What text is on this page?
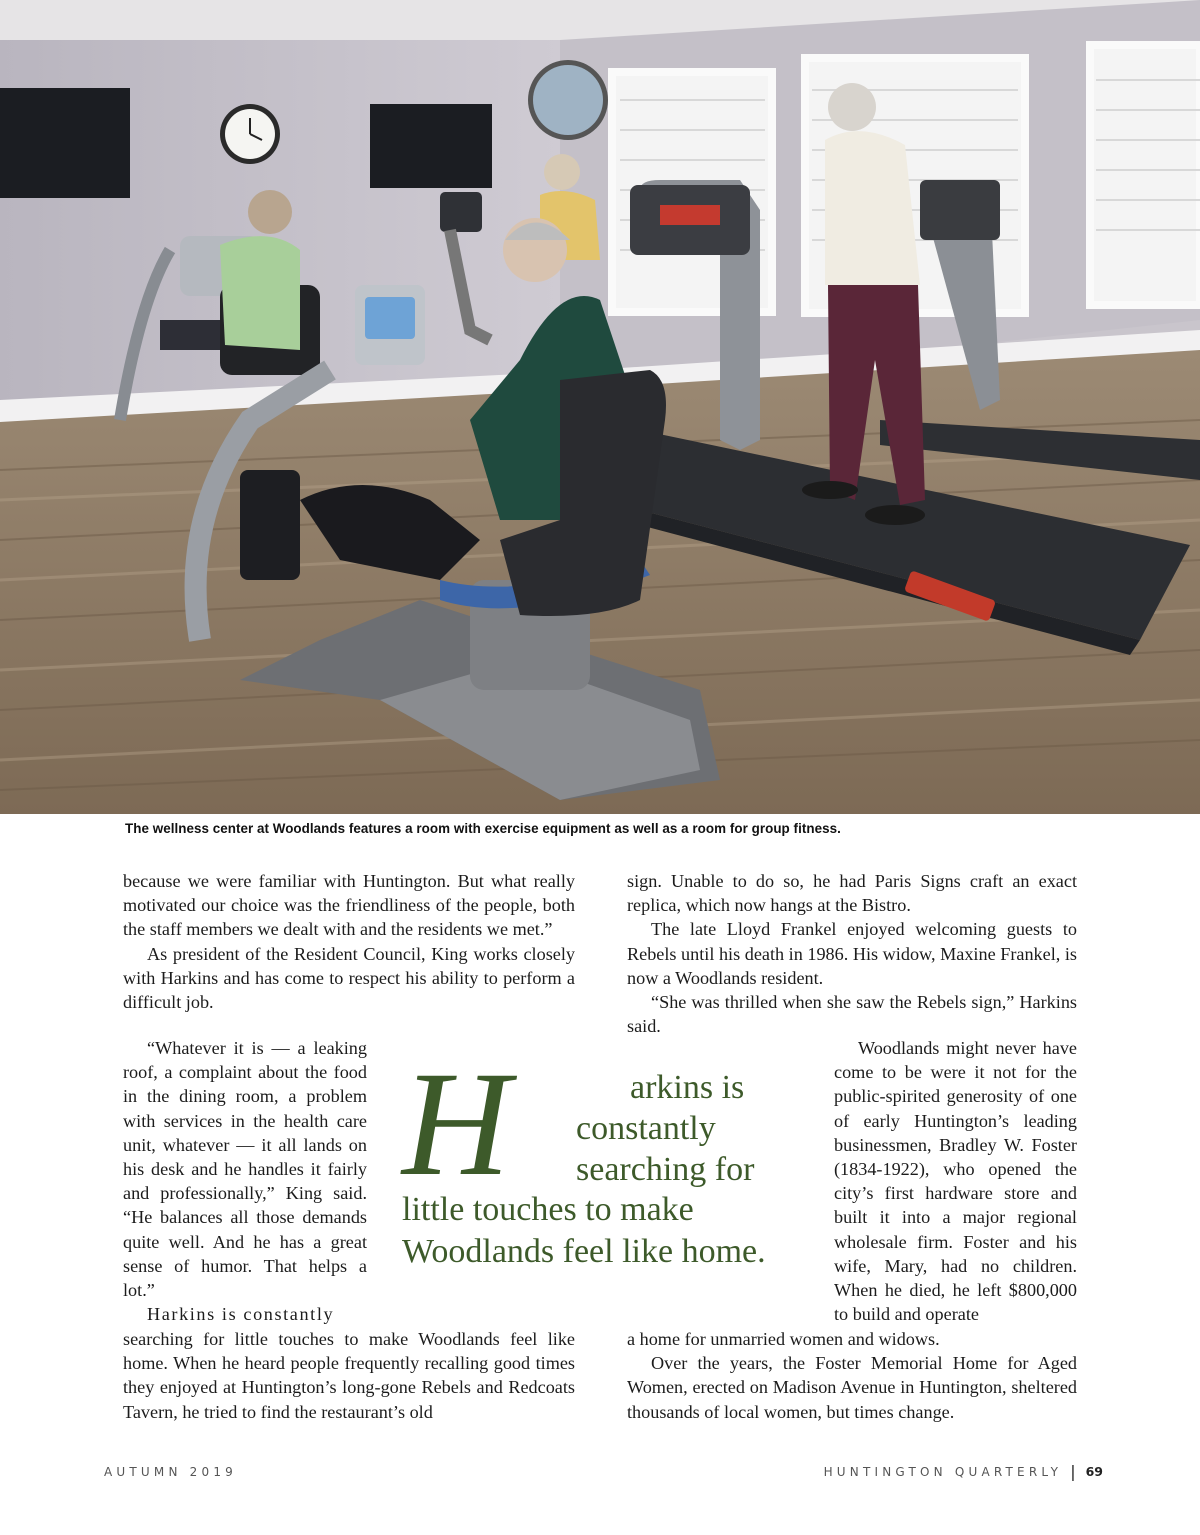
The wellness center at Woodlands features a room with exercise equipment as well as a room for group fitness.

because we were familiar with Huntington. But what really motivated our choice was the friendliness of the people, both the staff members we dealt with and the residents we met.”

As president of the Resident Council, King works closely with Harkins and has come to respect his ability to perform a difficult job.

“Whatever it is — a leaking roof, a complaint about the food in the dining room, a problem with services in the health care unit, whatever — it all lands on his desk and he handles it fairly and professionally,” King said. “He balances all those demands quite well. And he has a great sense of humor. That helps a lot.”

Harkins is constantly

searching for little touches to make Woodlands feel like home. When he heard people frequently recalling good times they enjoyed at Huntington’s long-gone Rebels and Redcoats Tavern, he tried to find the restaurant’s old

sign. Unable to do so, he had Paris Signs craft an exact replica, which now hangs at the Bistro.

The late Lloyd Frankel enjoyed welcoming guests to Rebels until his death in 1986. His widow, Maxine Frankel, is now a Woodlands resident.

“She was thrilled when she saw the Rebels sign,” Harkins said.

Woodlands might never have come to be were it not for the public-spirited generosity of one of early Huntington’s leading businessmen, Bradley W. Foster (1834-1922), who opened the city’s first hardware store and built it into a major regional wholesale firm. Foster and his wife, Mary, had no children. When he died, he left $800,000 to build and operate

a home for unmarried women and widows.

Over the years, the Foster Memorial Home for Aged Women, erected on Madison Avenue in Huntington, sheltered thousands of local women, but times change.

H	arkins is
constantly
searching for
little touches to make
Woodlands feel like home.
AUTUMN 2019	HUNTINGTON QUARTERLY | 69
